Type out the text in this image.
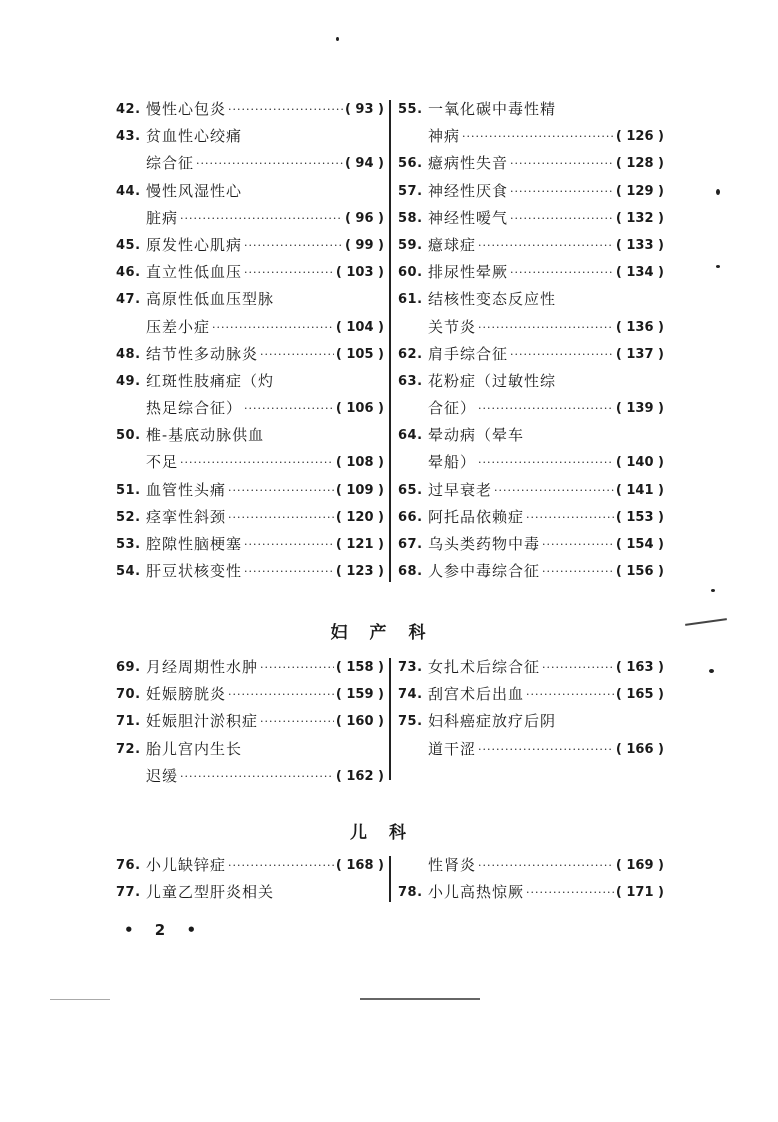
42. 慢性心包炎 ·····	( 93 )
43. 贫血性心绞痛
综合征 ·····	( 94 )
44. 慢性风湿性心
脏病 ·····	( 96 )
45. 原发性心肌病 ·····	( 99 )
46. 直立性低血压 ·····	( 103 )
47. 高原性低血压型脉
压差小症 ·····	( 104 )
48. 结节性多动脉炎 ·····	( 105 )
49. 红斑性肢痛症（灼
热足综合征） ·····	( 106 )
50. 椎-基底动脉供血
不足 ·····	( 108 )
51. 血管性头痛 ·····	( 109 )
52. 痉挛性斜颈 ·····	( 120 )
53. 腔隙性脑梗塞 ·····	( 121 )
54. 肝豆状核变性 ·····	( 123 )
55. 一氧化碳中毒性精
神病 ·····	( 126 )
56. 癔病性失音 ·····	( 128 )
57. 神经性厌食 ·····	( 129 )
58. 神经性嗳气 ·····	( 132 )
59. 癔球症 ·····	( 133 )
60. 排尿性晕厥 ·····	( 134 )
61. 结核性变态反应性
关节炎 ·····	( 136 )
62. 肩手综合征 ·····	( 137 )
63. 花粉症（过敏性综
合征） ·····	( 139 )
64. 晕动病（晕车
晕船） ·····	( 140 )
65. 过早衰老 ·····	( 141 )
66. 阿托品依赖症 ·····	( 153 )
67. 乌头类药物中毒 ·····	( 154 )
68. 人参中毒综合征 ·····	( 156 )
妇产科
69. 月经周期性水肿 ·····	( 158 )
70. 妊娠膀胱炎 ·····	( 159 )
71. 妊娠胆汁淤积症 ·····	( 160 )
72. 胎儿宫内生长
迟缓 ·····	( 162 )
73. 女扎术后综合征 ·····	( 163 )
74. 刮宫术后出血 ·····	( 165 )
75. 妇科癌症放疗后阴
道干涩 ·····	( 166 )
儿科
76. 小儿缺锌症 ·····	( 168 )
77. 儿童乙型肝炎相关
性肾炎 ·····	( 169 )
78. 小儿高热惊厥 ·····	( 171 )
• 2 •
